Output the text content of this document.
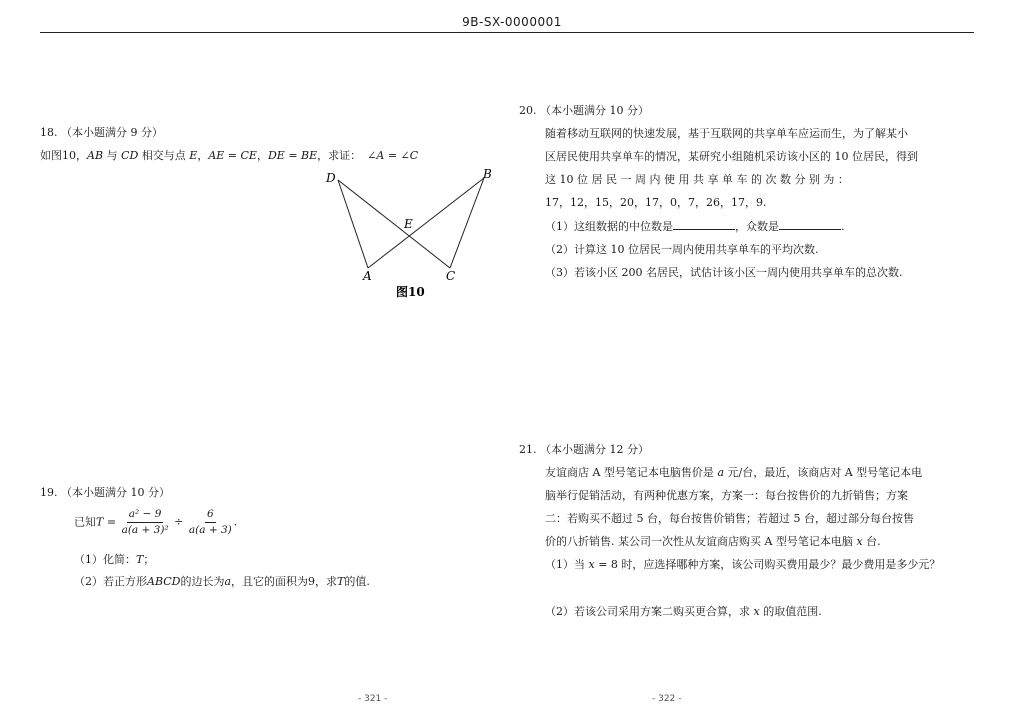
9B-SX-0000001
18. （本小题满分 9 分）
如图10，AB 与 CD 相交与点 E，AE = CE，DE = BE，求证： ∠A = ∠C
D	B
E
A	C
图10
19. （本小题满分 10 分）
已知$T = \frac{\text{a² − 9}}{\text{a(a + 3)²}} \div \frac{6}{a(a + 3)}$ .
（1）化简：T；
（2）若正方形ABCD的边长为a，且它的面积为9，求T的值.
20. （本小题满分 10 分）
随着移动互联网的快速发展，基于互联网的共享单车应运而生，为了解某小
区居民使用共享单车的情况，某研究小组随机采访该小区的 10 位居民，得到
这 10 位 居 民 一 周 内 使 用 共 享 单 车 的 次 数 分 别 为 ：
17，12，15，20，17，0，7，26，17，9.
（1）这组数据的中位数是	，众数是	.
（2）计算这 10 位居民一周内使用共享单车的平均次数.
（3）若该小区 200 名居民，试估计该小区一周内使用共享单车的总次数.
21. （本小题满分 12 分）
友谊商店 A 型号笔记本电脑售价是 a 元/台，最近，该商店对 A 型号笔记本电
脑举行促销活动，有两种优惠方案，方案一：每台按售价的九折销售；方案
二：若购买不超过 5 台，每台按售价销售；若超过 5 台，超过部分每台按售
价的八折销售. 某公司一次性从友谊商店购买 A 型号笔记本电脑 x 台.
（1）当 x = 8 时，应选择哪种方案，该公司购买费用最少？最少费用是多少元？
（2）若该公司采用方案二购买更合算，求 x 的取值范围.
- 321 -	- 322 -
